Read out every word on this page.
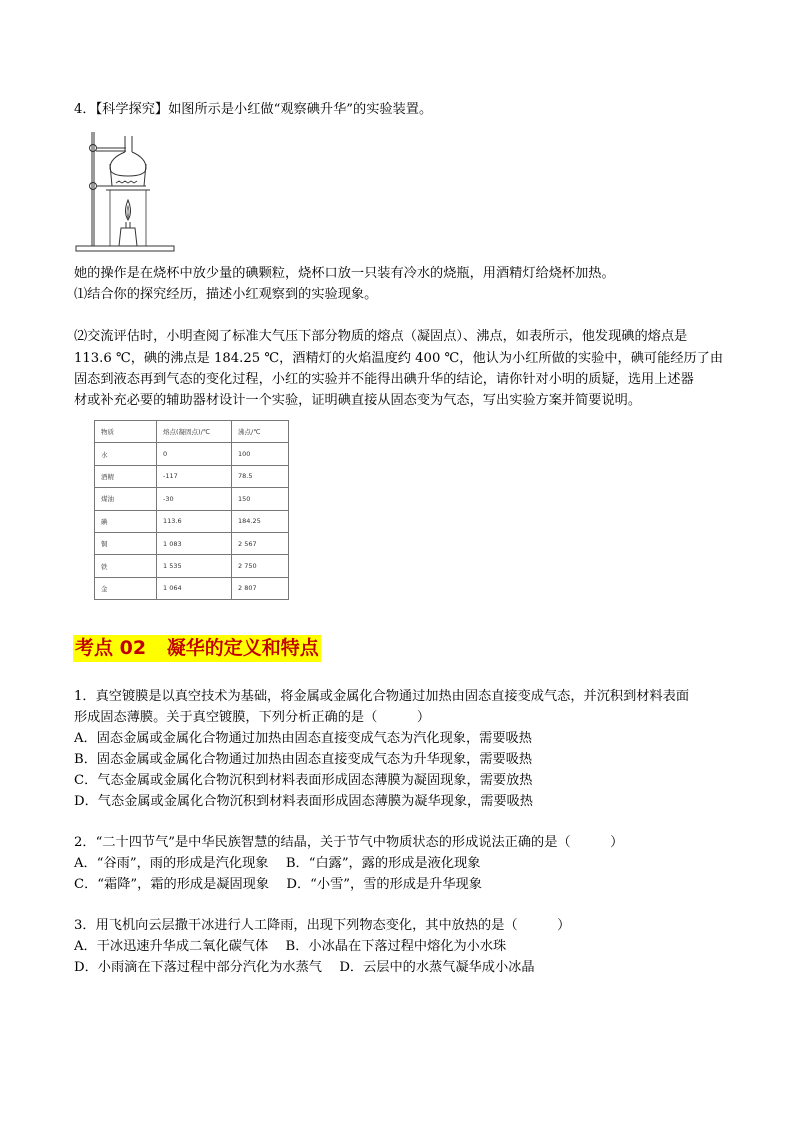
4．【科学探究】如图所示是小红做“观察碘升华”的实验装置。
她的操作是在烧杯中放少量的碘颗粒，烧杯口放一只装有冷水的烧瓶，用酒精灯给烧杯加热。
⑴结合你的探究经历，描述小红观察到的实验现象。
⑵交流评估时，小明查阅了标准大气压下部分物质的熔点（凝固点）、沸点，如表所示，他发现碘的熔点是
113.6 ℃，碘的沸点是 184.25 ℃，酒精灯的火焰温度约 400 ℃，他认为小红所做的实验中，碘可能经历了由
固态到液态再到气态的变化过程，小红的实验并不能得出碘升华的结论，请你针对小明的质疑，选用上述器
材或补充必要的辅助器材设计一个实验，证明碘直接从固态变为气态，写出实验方案并简要说明。
物质	熔点(凝固点)/℃	沸点/℃
水	0	100
酒精	-117	78.5
煤油	-30	150
碘	113.6	184.25
铜	1 083	2 567
铁	1 535	2 750
金	1 064	2 807
考点 02 凝华的定义和特点
1．真空镀膜是以真空技术为基础，将金属或金属化合物通过加热由固态直接变成气态，并沉积到材料表面
形成固态薄膜。关于真空镀膜，下列分析正确的是（　　　）
A．固态金属或金属化合物通过加热由固态直接变成气态为汽化现象，需要吸热
B．固态金属或金属化合物通过加热由固态直接变成气态为升华现象，需要吸热
C．气态金属或金属化合物沉积到材料表面形成固态薄膜为凝固现象，需要放热
D．气态金属或金属化合物沉积到材料表面形成固态薄膜为凝华现象，需要吸热
2．“二十四节气”是中华民族智慧的结晶，关于节气中物质状态的形成说法正确的是（　　　）
A．“谷雨”，雨的形成是汽化现象　 B．“白露”，露的形成是液化现象
C．“霜降”，霜的形成是凝固现象　 D．“小雪”，雪的形成是升华现象
3．用飞机向云层撒干冰进行人工降雨，出现下列物态变化，其中放热的是（　　　）
A．干冰迅速升华成二氧化碳气体　 B．小冰晶在下落过程中熔化为小水珠
D．小雨滴在下落过程中部分汽化为水蒸气　 D．云层中的水蒸气凝华成小冰晶
